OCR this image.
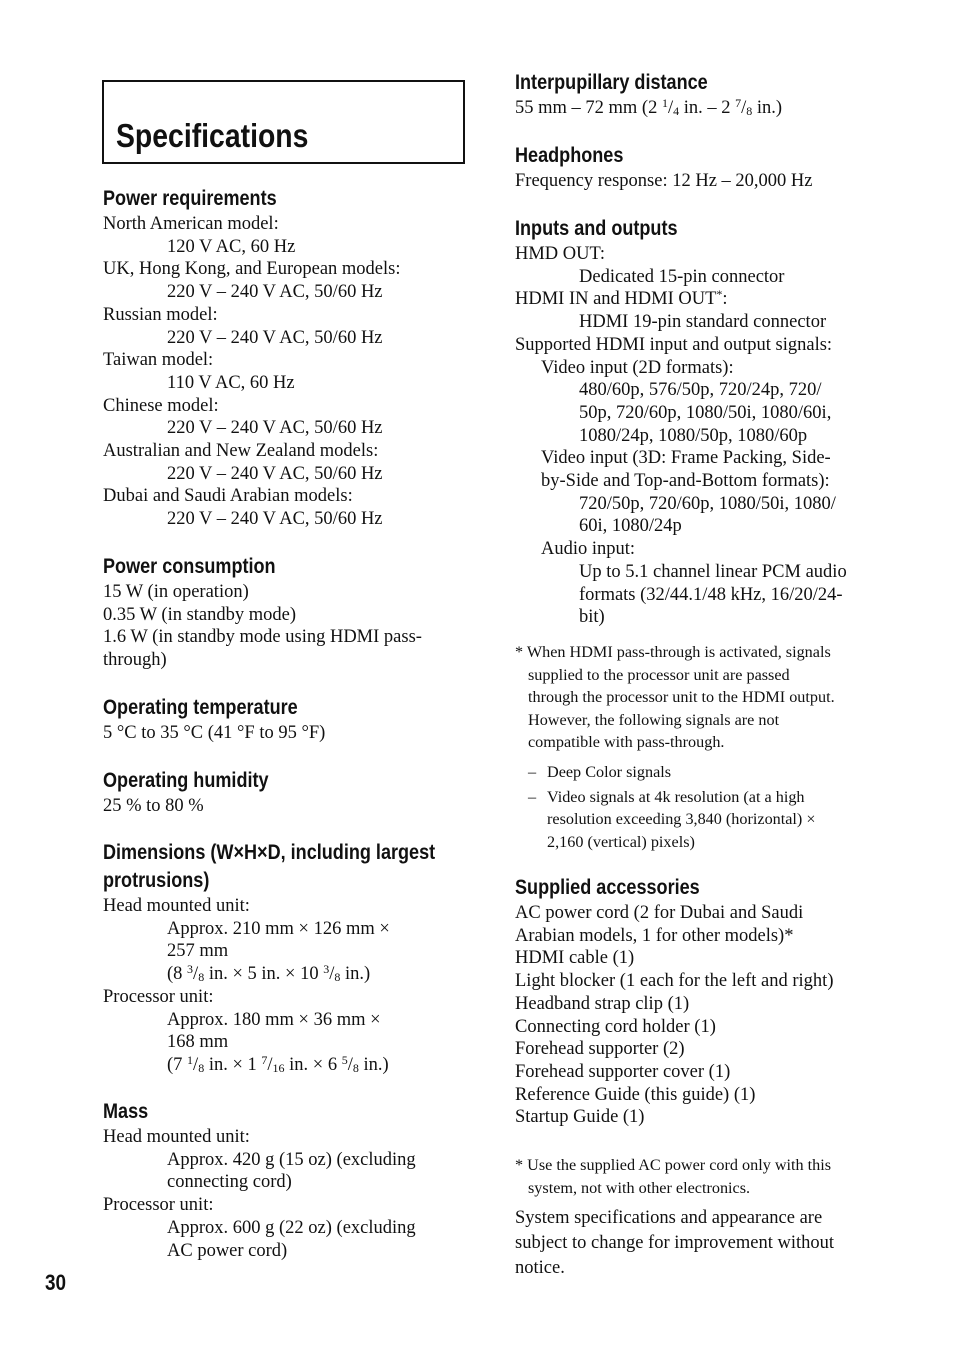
Specifications
Power requirements
North American model:
120 V AC, 60 Hz
UK, Hong Kong, and European models:
220 V – 240 V AC, 50/60 Hz
Russian model:
220 V – 240 V AC, 50/60 Hz
Taiwan model:
110 V AC, 60 Hz
Chinese model:
220 V – 240 V AC, 50/60 Hz
Australian and New Zealand models:
220 V – 240 V AC, 50/60 Hz
Dubai and Saudi Arabian models:
220 V – 240 V AC, 50/60 Hz
Power consumption
15 W (in operation)
0.35 W (in standby mode)
1.6 W (in standby mode using HDMI pass-
through)
Operating temperature
5 °C to 35 °C (41 °F to 95 °F)
Operating humidity
25 % to 80 %
Dimensions (W×H×D, including largest
protrusions)
Head mounted unit:
Approx. 210 mm × 126 mm ×
257 mm
(8 $^3/_8$ in. × 5 in. × 10 $^3/_8$ in.)
Processor unit:
Approx. 180 mm × 36 mm ×
168 mm
(7 $^1/_8$ in. × 1 $^7/_{16}$ in. × 6 $^5/_8$ in.)
Mass
Head mounted unit:
Approx. 420 g (15 oz) (excluding
connecting cord)
Processor unit:
Approx. 600 g (22 oz) (excluding
AC power cord)
Interpupillary distance
55 mm – 72 mm (2 $^1/_4$ in. – 2 $^7/_8$ in.)
Headphones
Frequency response: 12 Hz – 20,000 Hz
Inputs and outputs
HMD OUT:
Dedicated 15-pin connector
HDMI IN and HDMI OUT*:
HDMI 19-pin standard connector
Supported HDMI input and output signals:
Video input (2D formats):
480/60p, 576/50p, 720/24p, 720/
50p, 720/60p, 1080/50i, 1080/60i,
1080/24p, 1080/50p, 1080/60p
Video input (3D: Frame Packing, Side-
by-Side and Top-and-Bottom formats):
720/50p, 720/60p, 1080/50i, 1080/
60i, 1080/24p
Audio input:
Up to 5.1 channel linear PCM audio
formats (32/44.1/48 kHz, 16/20/24-
bit)
* When HDMI pass-through is activated, signals
supplied to the processor unit are passed
through the processor unit to the HDMI output.
However, the following signals are not
compatible with pass-through.
– Deep Color signals
– Video signals at 4k resolution (at a high
resolution exceeding 3,840 (horizontal) ×
2,160 (vertical) pixels)
Supplied accessories
AC power cord (2 for Dubai and Saudi
Arabian models, 1 for other models)*
HDMI cable (1)
Light blocker (1 each for the left and right)
Headband strap clip (1)
Connecting cord holder (1)
Forehead supporter (2)
Forehead supporter cover (1)
Reference Guide (this guide) (1)
Startup Guide (1)
* Use the supplied AC power cord only with this
system, not with other electronics.
System specifications and appearance are
subject to change for improvement without
notice.
30
